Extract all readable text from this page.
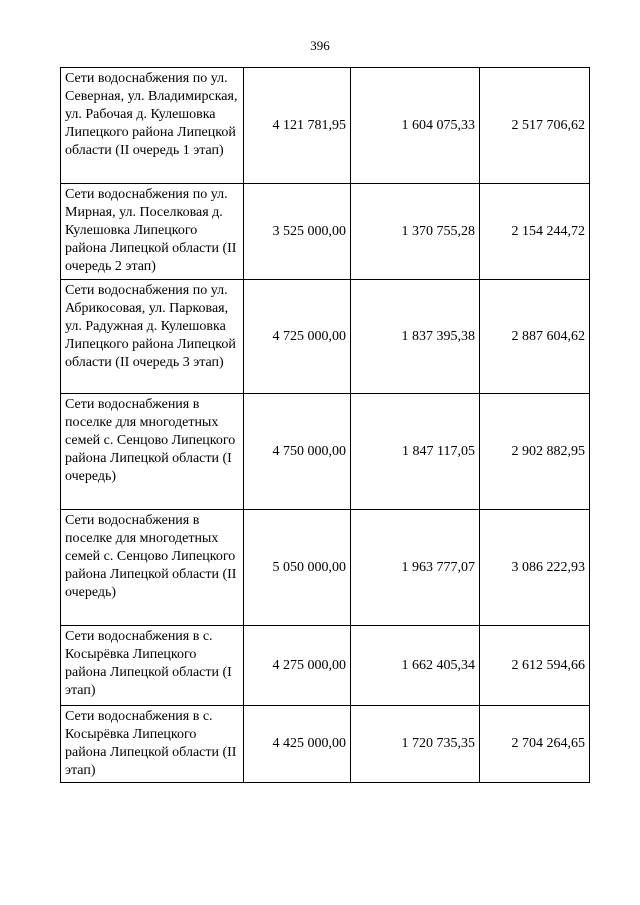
396
Сети водоснабжения по ул. Северная, ул. Владимирская, ул. Рабочая д. Кулешовка Липецкого района Липецкой области (II очередь 1 этап)	4 121 781,95	1 604 075,33	2 517 706,62
Сети водоснабжения по ул. Мирная, ул. Поселковая д. Кулешовка Липецкого района Липецкой области (II очередь 2 этап)	3 525 000,00	1 370 755,28	2 154 244,72
Сети водоснабжения по ул. Абрикосовая, ул. Парковая, ул. Радужная д. Кулешовка Липецкого района Липецкой области (II очередь 3 этап)	4 725 000,00	1 837 395,38	2 887 604,62
Сети водоснабжения в поселке для многодетных семей с. Сенцово Липецкого района Липецкой области (I очередь)	4 750 000,00	1 847 117,05	2 902 882,95
Сети водоснабжения в поселке для многодетных семей с. Сенцово Липецкого района Липецкой области (II очередь)	5 050 000,00	1 963 777,07	3 086 222,93
Сети водоснабжения в с. Косырёвка Липецкого района Липецкой области (I этап)	4 275 000,00	1 662 405,34	2 612 594,66
Сети водоснабжения в с. Косырёвка Липецкого района Липецкой области (II этап)	4 425 000,00	1 720 735,35	2 704 264,65
